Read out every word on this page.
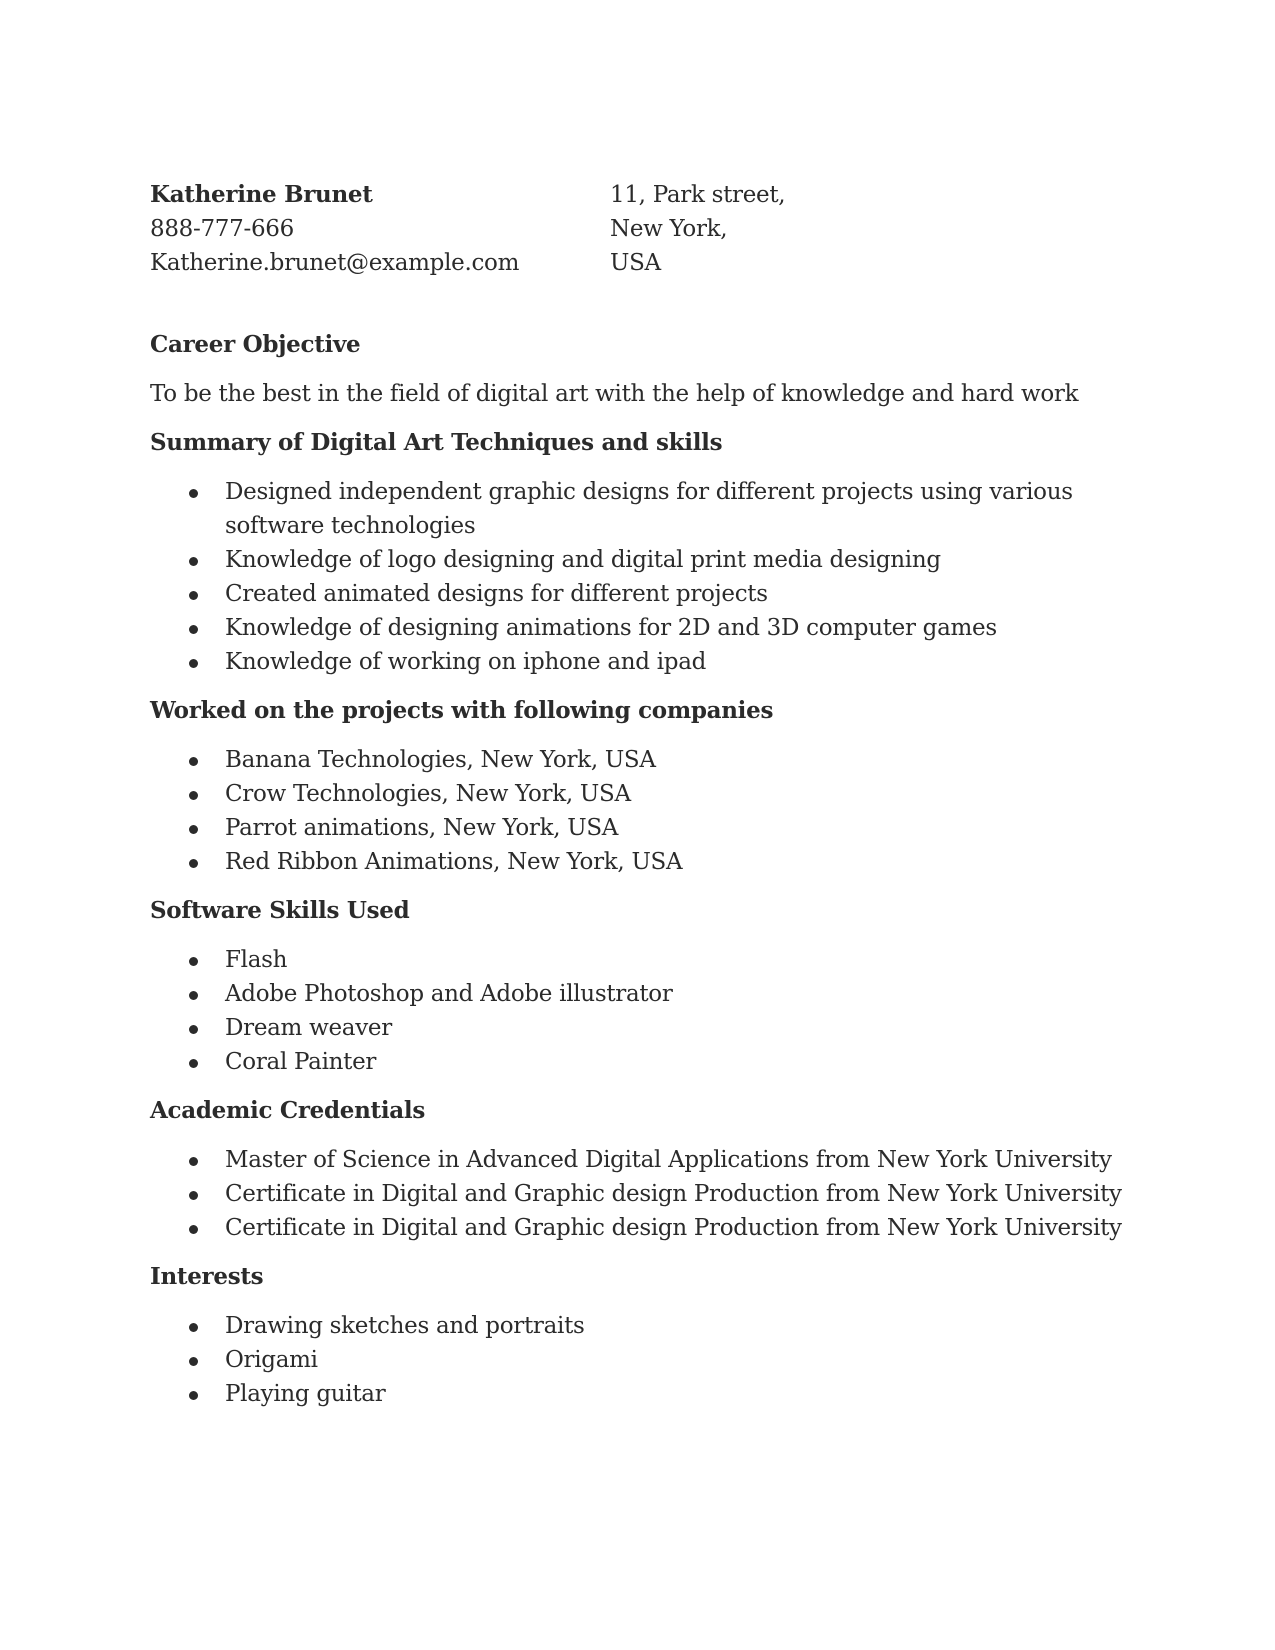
Katherine Brunet
888-777-666
Katherine.brunet@example.com
11, Park street,
New York,
USA
Career Objective

To be the best in the field of digital art with the help of knowledge and hard work

Summary of Digital Art Techniques and skills
Designed independent graphic designs for different projects using various software technologies
Knowledge of logo designing and digital print media designing
Created animated designs for different projects
Knowledge of designing animations for 2D and 3D computer games
Knowledge of working on iphone and ipad
Worked on the projects with following companies
Banana Technologies, New York, USA
Crow Technologies, New York, USA
Parrot animations, New York, USA
Red Ribbon Animations, New York, USA
Software Skills Used
Flash
Adobe Photoshop and Adobe illustrator
Dream weaver
Coral Painter
Academic Credentials
Master of Science in Advanced Digital Applications from New York University
Certificate in Digital and Graphic design Production from New York University
Certificate in Digital and Graphic design Production from New York University
Interests
Drawing sketches and portraits
Origami
Playing guitar
